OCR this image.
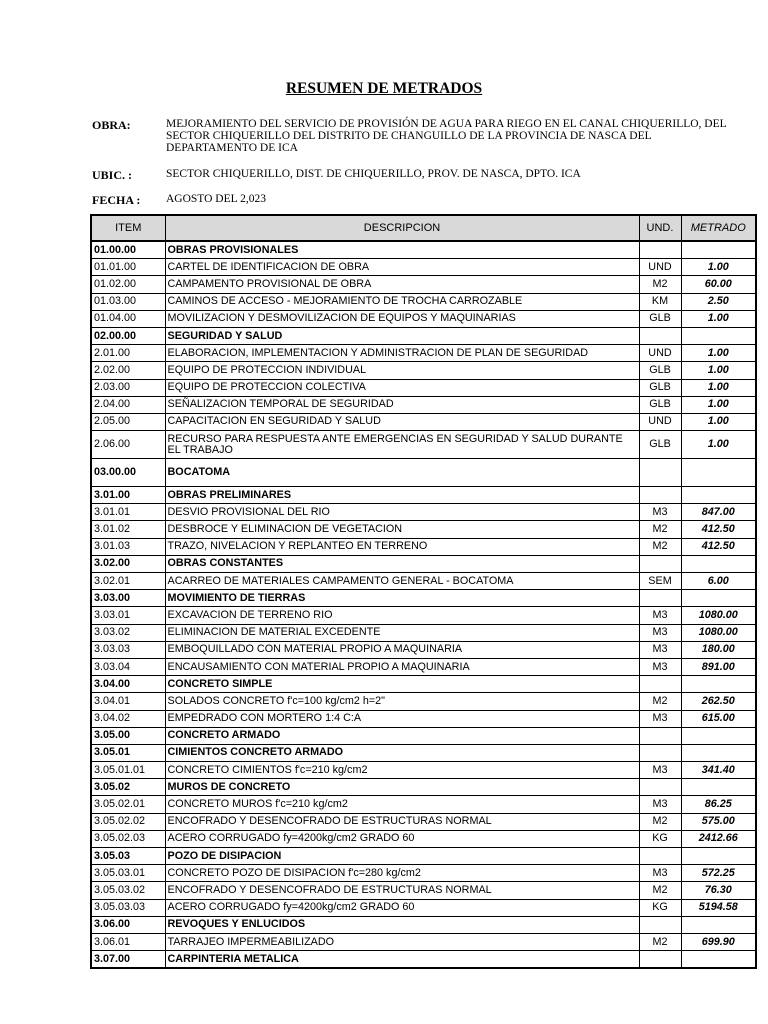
RESUMEN DE METRADOS
OBRA:	MEJORAMIENTO DEL SERVICIO DE PROVISIÓN DE AGUA PARA RIEGO EN EL CANAL CHIQUERILLO, DEL
SECTOR CHIQUERILLO DEL DISTRITO DE CHANGUILLO DE LA PROVINCIA DE NASCA DEL
DEPARTAMENTO DE ICA
UBIC. :	SECTOR CHIQUERILLO, DIST. DE CHIQUERILLO, PROV. DE NASCA, DPTO. ICA
FECHA : AGOSTO DEL 2,023
ITEM	DESCRIPCION	UND.	METRADO
01.00.00	OBRAS PROVISIONALES		
01.01.00	CARTEL DE IDENTIFICACION DE OBRA	UND	1.00
01.02.00	CAMPAMENTO PROVISIONAL DE OBRA	M2	60.00
01.03.00	CAMINOS DE ACCESO - MEJORAMIENTO DE TROCHA CARROZABLE	KM	2.50
01.04.00	MOVILIZACION Y DESMOVILIZACION DE EQUIPOS Y MAQUINARIAS	GLB	1.00
02.00.00	SEGURIDAD Y SALUD		
2.01.00	ELABORACION, IMPLEMENTACION Y ADMINISTRACION DE PLAN DE SEGURIDAD	UND	1.00
2.02.00	EQUIPO DE PROTECCION INDIVIDUAL	GLB	1.00
2.03.00	EQUIPO DE PROTECCION COLECTIVA	GLB	1.00
2.04.00	SEÑALIZACION TEMPORAL DE SEGURIDAD	GLB	1.00
2.05.00	CAPACITACION EN SEGURIDAD Y SALUD	UND	1.00
2.06.00	RECURSO PARA RESPUESTA ANTE EMERGENCIAS EN SEGURIDAD Y SALUD DURANTE EL TRABAJO	GLB	1.00
03.00.00	BOCATOMA		
3.01.00	OBRAS PRELIMINARES		
3.01.01	DESVIO PROVISIONAL DEL RIO	M3	847.00
3.01.02	DESBROCE Y ELIMINACION DE VEGETACION	M2	412.50
3.01.03	TRAZO, NIVELACION Y REPLANTEO EN TERRENO	M2	412.50
3.02.00	OBRAS CONSTANTES		
3.02.01	ACARREO DE MATERIALES CAMPAMENTO GENERAL - BOCATOMA	SEM	6.00
3.03.00	MOVIMIENTO DE TIERRAS		
3.03.01	EXCAVACION DE TERRENO RIO	M3	1080.00
3.03.02	ELIMINACION DE MATERIAL EXCEDENTE	M3	1080.00
3.03.03	EMBOQUILLADO CON MATERIAL PROPIO A MAQUINARIA	M3	180.00
3.03.04	ENCAUSAMIENTO CON MATERIAL PROPIO A MAQUINARIA	M3	891.00
3.04.00	CONCRETO SIMPLE		
3.04.01	SOLADOS CONCRETO f'c=100 kg/cm2 h=2"	M2	262.50
3.04.02	EMPEDRADO CON MORTERO 1:4 C:A	M3	615.00
3.05.00	CONCRETO ARMADO		
3.05.01	CIMIENTOS CONCRETO ARMADO		
3.05.01.01	CONCRETO CIMIENTOS f'c=210 kg/cm2	M3	341.40
3.05.02	MUROS DE CONCRETO		
3.05.02.01	CONCRETO MUROS f'c=210 kg/cm2	M3	86.25
3.05.02.02	ENCOFRADO Y DESENCOFRADO DE ESTRUCTURAS NORMAL	M2	575.00
3.05.02.03	ACERO CORRUGADO fy=4200kg/cm2 GRADO 60	KG	2412.66
3.05.03	POZO DE DISIPACION		
3.05.03.01	CONCRETO POZO DE DISIPACION f'c=280 kg/cm2	M3	572.25
3.05.03.02	ENCOFRADO Y DESENCOFRADO DE ESTRUCTURAS NORMAL	M2	76.30
3.05.03.03	ACERO CORRUGADO fy=4200kg/cm2 GRADO 60	KG	5194.58
3.06.00	REVOQUES Y ENLUCIDOS		
3.06.01	TARRAJEO IMPERMEABILIZADO	M2	699.90
3.07.00	CARPINTERIA METALICA		
